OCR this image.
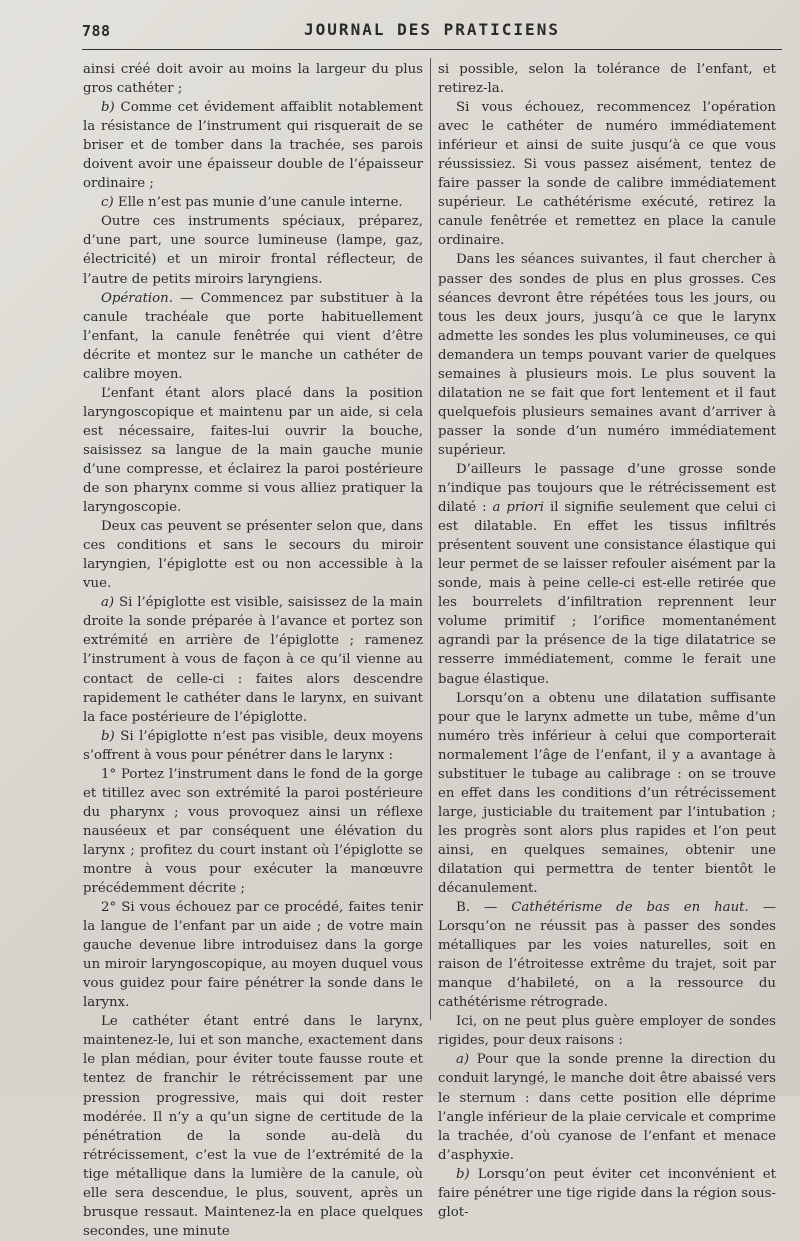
788	JOURNAL DES PRATICIENS

ainsi créé doit avoir au moins la largeur du plus gros cathéter ;

b) Comme cet évidement affaiblit notablement la résistance de l’instrument qui risquerait de se briser et de tomber dans la trachée, ses parois doivent avoir une épaisseur double de l’épaisseur ordinaire ;

c) Elle n’est pas munie d’une canule interne.

Outre ces instruments spéciaux, préparez, d’une part, une source lumineuse (lampe, gaz, électricité) et un miroir frontal réflecteur, de l’autre de petits miroirs laryngiens.

Opération. — Commencez par substituer à la canule trachéale que porte habituellement l’enfant, la canule fenêtrée qui vient d’être décrite et montez sur le manche un cathéter de calibre moyen.

L’enfant étant alors placé dans la position laryngoscopique et maintenu par un aide, si cela est nécessaire, faites-lui ouvrir la bouche, saisissez sa langue de la main gauche munie d’une compresse, et éclairez la paroi postérieure de son pharynx comme si vous alliez pratiquer la laryngoscopie.

Deux cas peuvent se présenter selon que, dans ces conditions et sans le secours du miroir laryngien, l’épiglotte est ou non accessible à la vue.

a) Si l’épiglotte est visible, saisissez de la main droite la sonde préparée à l’avance et portez son extrémité en arrière de l’épiglotte ; ramenez l’instrument à vous de façon à ce qu’il vienne au contact de celle-ci : faites alors descendre rapidement le cathéter dans le larynx, en suivant la face postérieure de l’épiglotte.

b) Si l’épiglotte n’est pas visible, deux moyens s’offrent à vous pour pénétrer dans le larynx :

1° Portez l’instrument dans le fond de la gorge et titillez avec son extrémité la paroi postérieure du pharynx ; vous provoquez ainsi un réflexe nauséeux et par conséquent une élévation du larynx ; profitez du court instant où l’épiglotte se montre à vous pour exécuter la manœuvre précédemment décrite ;

2° Si vous échouez par ce procédé, faites tenir la langue de l’enfant par un aide ; de votre main gauche devenue libre introduisez dans la gorge un miroir laryngoscopique, au moyen duquel vous vous guidez pour faire pénétrer la sonde dans le larynx.

Le cathéter étant entré dans le larynx, maintenez-le, lui et son manche, exactement dans le plan médian, pour éviter toute fausse route et tentez de franchir le rétrécissement par une pression progressive, mais qui doit rester modérée. Il n’y a qu’un signe de certitude de la pénétration de la sonde au-delà du rétrécissement, c’est la vue de l’extrémité de la tige métallique dans la lumière de la canule, où elle sera descendue, le plus, souvent, après un brusque ressaut. Maintenez-la en place quelques secondes, une minute

si possible, selon la tolérance de l’enfant, et retirez-la.

Si vous échouez, recommencez l’opération avec le cathéter de numéro immédiatement inférieur et ainsi de suite jusqu’à ce que vous réussissiez. Si vous passez aisément, tentez de faire passer la sonde de calibre immédiatement supérieur. Le cathétérisme exécuté, retirez la canule fenêtrée et remettez en place la canule ordinaire.

Dans les séances suivantes, il faut chercher à passer des sondes de plus en plus grosses. Ces séances devront être répétées tous les jours, ou tous les deux jours, jusqu’à ce que le larynx admette les sondes les plus volumineuses, ce qui demandera un temps pouvant varier de quelques semaines à plusieurs mois. Le plus souvent la dilatation ne se fait que fort lentement et il faut quelquefois plusieurs semaines avant d’arriver à passer la sonde d’un numéro immédiatement supérieur.

D’ailleurs le passage d’une grosse sonde n’indique pas toujours que le rétrécissement est dilaté : a priori il signifie seulement que celui ci est dilatable. En effet les tissus infiltrés présentent souvent une consistance élastique qui leur permet de se laisser refouler aisément par la sonde, mais à peine celle-ci est-elle retirée que les bourrelets d’infiltration reprennent leur volume primitif ; l’orifice momentanément agrandi par la présence de la tige dilatatrice se resserre immédiatement, comme le ferait une bague élastique.

Lorsqu’on a obtenu une dilatation suffisante pour que le larynx admette un tube, même d’un numéro très inférieur à celui que comporterait normalement l’âge de l’enfant, il y a avantage à substituer le tubage au calibrage : on se trouve en effet dans les conditions d’un rétrécissement large, justiciable du traitement par l’intubation ; les progrès sont alors plus rapides et l’on peut ainsi, en quelques semaines, obtenir une dilatation qui permettra de tenter bientôt le décanulement.

B. — Cathétérisme de bas en haut. — Lorsqu’on ne réussit pas à passer des sondes métalliques par les voies naturelles, soit en raison de l’étroitesse extrême du trajet, soit par manque d’habileté, on a la ressource du cathétérisme rétrograde.

Ici, on ne peut plus guère employer de sondes rigides, pour deux raisons :

a) Pour que la sonde prenne la direction du conduit laryngé, le manche doit être abaissé vers le sternum : dans cette position elle déprime l’angle inférieur de la plaie cervicale et comprime la trachée, d’où cyanose de l’enfant et menace d’asphyxie.

b) Lorsqu’on peut éviter cet inconvénient et faire pénétrer une tige rigide dans la région sous-glot-
